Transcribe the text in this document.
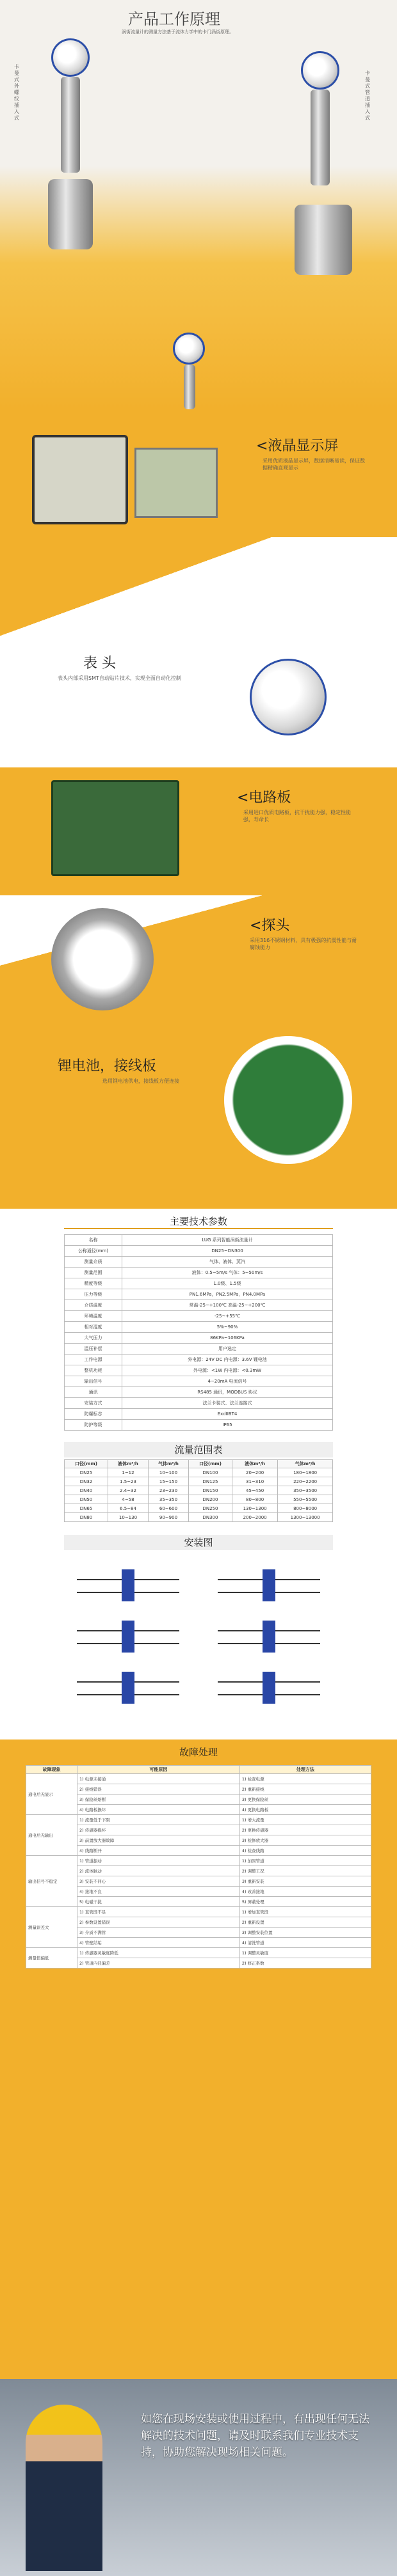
产品工作原理
涡街流量计的测量方法基于流体力学中的卡门涡街原理。
卡曼式外螺纹插入式
卡曼式管道插入式
<液晶显示屏
采用优质液晶显示屏，数据清晰易读，保证数据精确直观显示
表 头
表头内部采用SMT自动贴片技术，实现全面自动化控制
<电路板
采用进口优质电路板，抗干扰能力强，稳定性能强，寿命长
<探头
采用316不锈钢材料，具有极强的抗震性能与耐腐蚀能力
锂电池，接线板
选用锂电池供电，接线板方便连接
主要技术参数
名称	LUG 系列智能涡街流量计
公称通径(mm)	DN25~DN300
测量介质	气体、液体、蒸汽
测量范围	液体：0.5~5m/s 气体：5~50m/s
精度等级	1.0级、1.5级
压力等级	PN1.6MPa，PN2.5MPa，PN4.0MPa
介质温度	常温-25~+100℃ 高温-25~+200℃
环境温度	-25~+55℃
相对湿度	5%~90%
大气压力	86KPa~106KPa
温压补偿	用户选定
工作电源	外电源：24V DC 内电源：3.6V 锂电池
整机功耗	外电源：<1W 内电源：<0.3mW
输出信号	4~20mA 电流信号
通讯	RS485 通讯，MODBUS 协议
安装方式	法兰卡装式、法兰连接式
防爆标志	ExdIIBT4
防护等级	IP65
流量范围表
口径(mm)	液体m³/h	气体m³/h	口径(mm)	液体m³/h	气体m³/h
DN25	1~12	10~100	DN100	20~200	180~1800
DN32	1.5~23	15~150	DN125	31~310	220~2200
DN40	2.4~32	23~230	DN150	45~450	350~3500
DN50	4~58	35~350	DN200	80~800	550~5500
DN65	6.5~84	60~600	DN250	130~1300	800~8000
DN80	10~130	90~900	DN300	200~2000	1300~13000
安装图
故障处理
故障现象	可能原因	处理方法
通电后无显示	1) 电源未接通	1) 检查电源
	2) 接线错误	2) 重新接线
	3) 保险丝熔断	3) 更换保险丝
	4) 电路板损坏	4) 更换电路板
通电后无输出	1) 流量低于下限	1) 增大流量
	2) 传感器损坏	2) 更换传感器
	3) 前置放大器故障	3) 检修放大器
	4) 线路断开	4) 检查线路
输出信号不稳定	1) 管道振动	1) 加固管道
	2) 流体脉动	2) 调整工况
	3) 安装不同心	3) 重新安装
	4) 接地不良	4) 改善接地
	5) 电磁干扰	5) 屏蔽处理
测量误差大	1) 直管段不足	1) 增加直管段
	2) 参数设置错误	2) 重新设置
	3) 介质不满管	3) 调整安装位置
	4) 管壁结垢	4) 清洗管道
测量值偏低	1) 传感器灵敏度降低	1) 调整灵敏度
	2) 管道内径偏差	2) 修正系数
如您在现场安装或使用过程中，有出现任何无法解决的技术问题，请及时联系我们专业技术支持，协助您解决现场相关问题。
